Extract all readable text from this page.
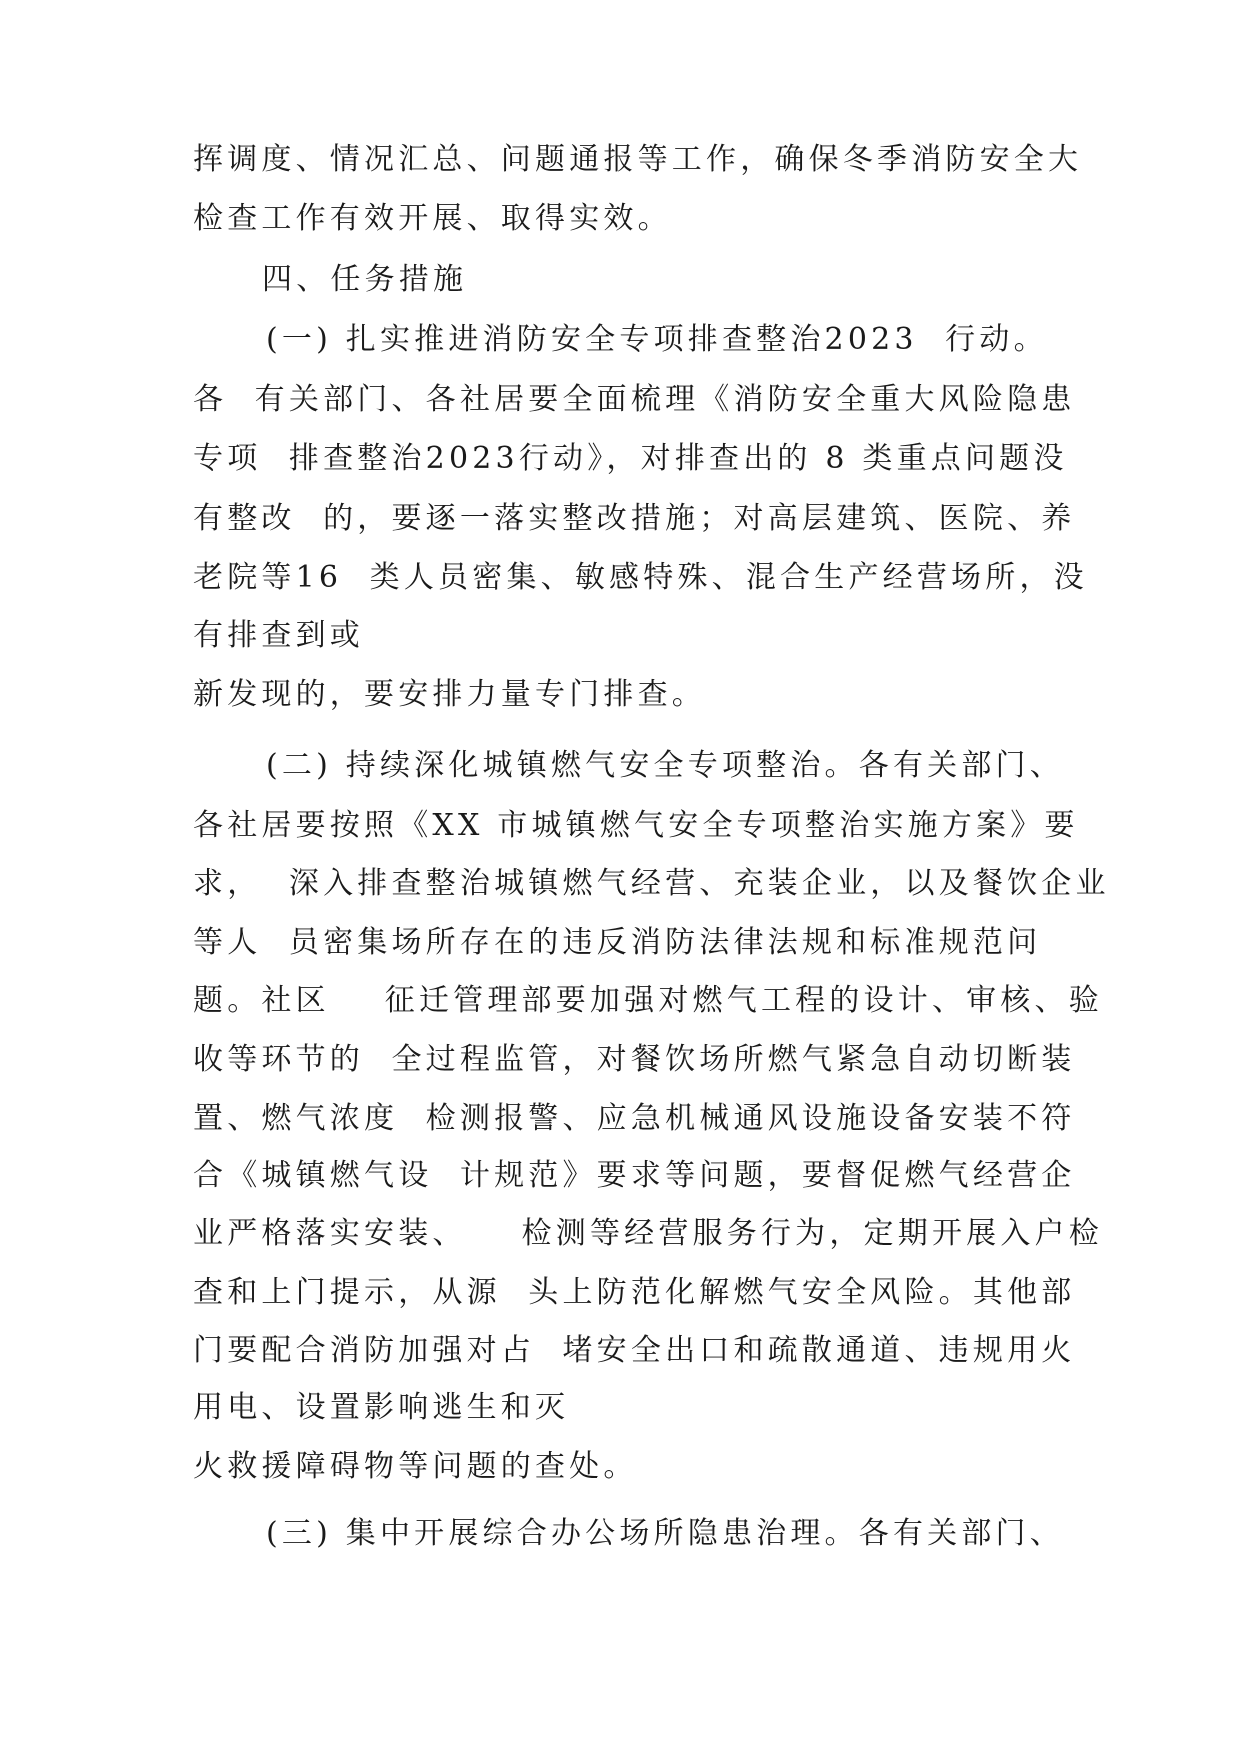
挥调度、情况汇总、问题通报等工作，确保冬季消防安全大
检查工作有效开展、取得实效。
四、任务措施
(一) 扎实推进消防安全专项排查整治2023  行动。
各  有关部门、各社居要全面梳理《消防安全重大风险隐患
专项  排查整治2023行动》，对排查出的 8 类重点问题没
有整改  的，要逐一落实整改措施；对高层建筑、医院、养
老院等16  类人员密集、敏感特殊、混合生产经营场所，没
有排查到或
新发现的，要安排力量专门排查。
(二) 持续深化城镇燃气安全专项整治。各有关部门、
各社居要按照《XX 市城镇燃气安全专项整治实施方案》要
求，  深入排查整治城镇燃气经营、充装企业，以及餐饮企业
等人  员密集场所存在的违反消防法律法规和标准规范问
题。社区    征迁管理部要加强对燃气工程的设计、审核、验
收等环节的  全过程监管，对餐饮场所燃气紧急自动切断装
置、燃气浓度  检测报警、应急机械通风设施设备安装不符
合《城镇燃气设  计规范》要求等问题，要督促燃气经营企
业严格落实安装、    检测等经营服务行为，定期开展入户检
查和上门提示，从源  头上防范化解燃气安全风险。其他部
门要配合消防加强对占  堵安全出口和疏散通道、违规用火
用电、设置影响逃生和灭
火救援障碍物等问题的查处。
(三) 集中开展综合办公场所隐患治理。各有关部门、
